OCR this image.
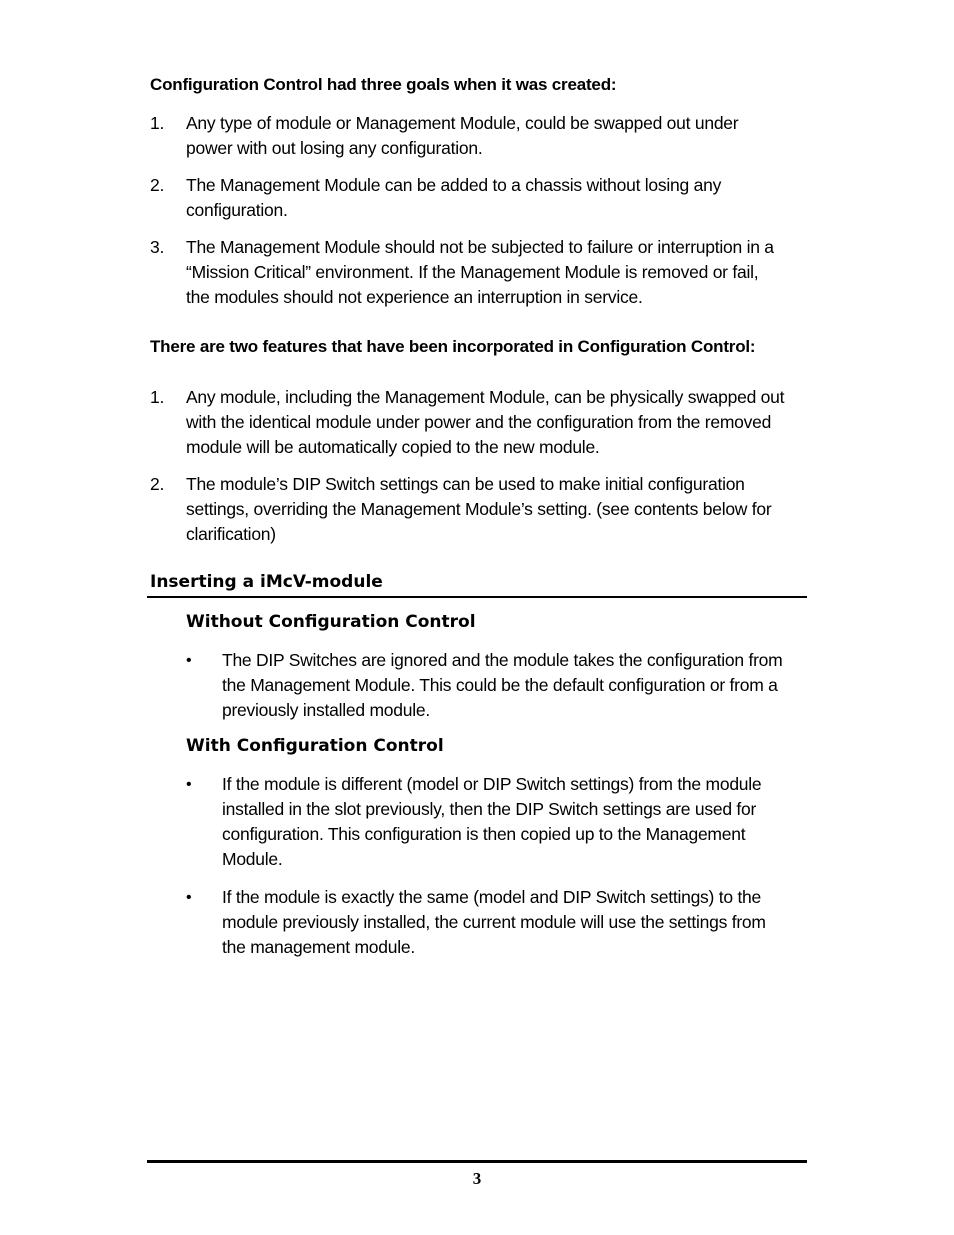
Configuration Control had three goals when it was created:
1. Any type of module or Management Module, could be swapped out under
power with out losing any configuration.
2. The Management Module can be added to a chassis without losing any
configuration.
3. The Management Module should not be subjected to failure or interruption in a
“Mission Critical” environment. If the Management Module is removed or fail,
the modules should not experience an interruption in service.
There are two features that have been incorporated in Configuration Control:
1. Any module, including the Management Module, can be physically swapped out
with the identical module under power and the configuration from the removed
module will be automatically copied to the new module.
2. The module’s DIP Switch settings can be used to make initial configuration
settings, overriding the Management Module’s setting. (see contents below for
clarification)
Inserting a iMcV-module
Without Configuration Control
• The DIP Switches are ignored and the module takes the configuration from
the Management Module. This could be the default configuration or from a
previously installed module.
With Configuration Control
• If the module is different (model or DIP Switch settings) from the module
installed in the slot previously, then the DIP Switch settings are used for
configuration. This configuration is then copied up to the Management
Module.
• If the module is exactly the same (model and DIP Switch settings) to the
module previously installed, the current module will use the settings from
the management module.
3
